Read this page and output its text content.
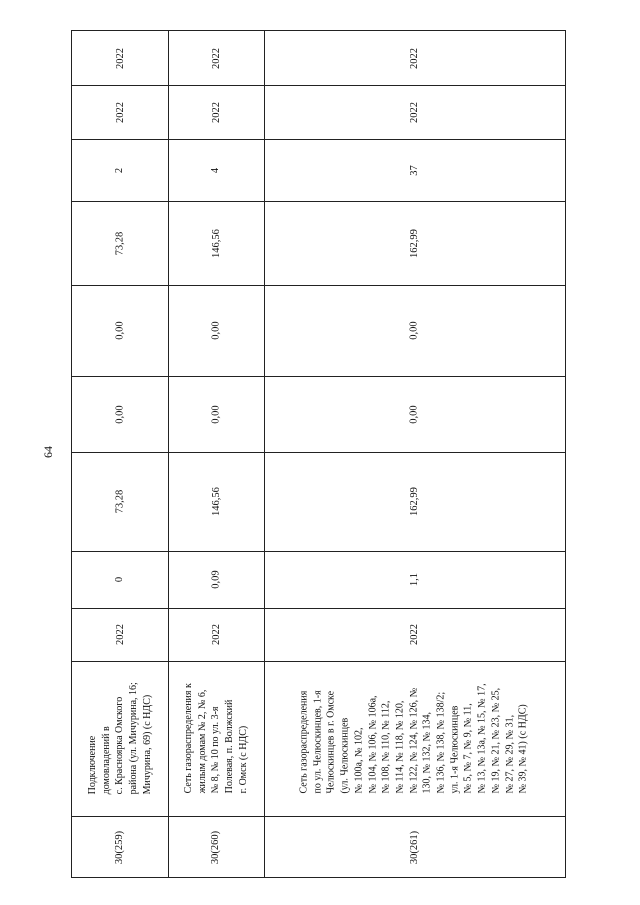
64
2022
2022
2
73,28
0,00
0,00
73,28
0
2022
Подключение домовладений в с. Красноярка Омского района (ул. Мичурина, 16; Мичурина, 69) (с НДС)
30(259)
2022
2022
4
146,56
0,00
0,00
146,56
0,09
2022
Сеть газораспределения к жилым домам № 2, № 6, № 8, № 10 по ул. 3-я Полевая, п. Волжский г. Омск (с НДС)
30(260)
2022
2022
37
162,99
0,00
0,00
162,99
1,1
2022
Сеть газораспределения по ул. Челюскинцев, 1-я Челюскинцев в г. Омске (ул. Челюскинцев № 100а, № 102, № 104, № 106, № 106а, № 108, № 110, № 112, № 114, № 118, № 120, № 122, № 124, № 126, № 130, № 132, № 134, № 136, № 138, № 138/2; ул. 1-я Челюскинцев № 5, № 7, № 9, № 11, № 13, № 13а, № 15, № 17, № 19, № 21, № 23, № 25, № 27, № 29, № 31, № 39, № 41) (с НДС)
30(261)
